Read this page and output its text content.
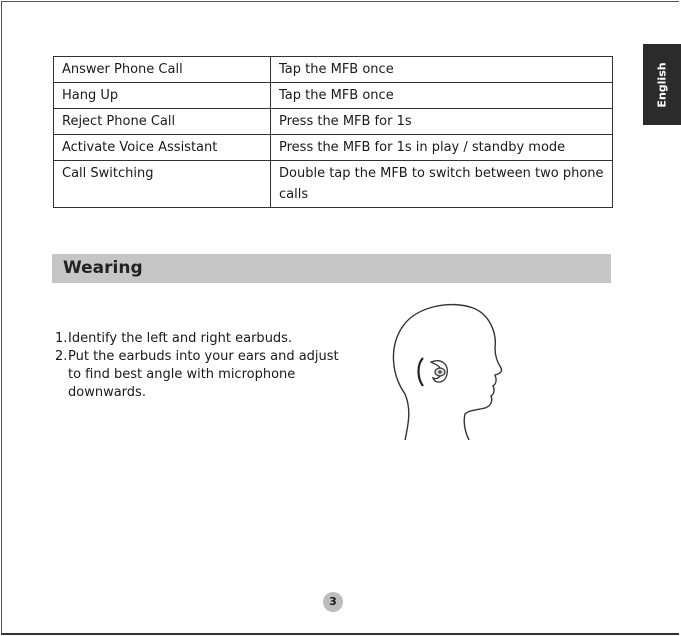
English
Answer Phone Call	Tap the MFB once
Hang Up	Tap the MFB once
Reject Phone Call	Press the MFB for 1s
Activate Voice Assistant	Press the MFB for 1s in play / standby mode
Call Switching	Double tap the MFB to switch between two phone calls
Wearing
1. Identify the left and right earbuds.
2. Put the earbuds into your ears and adjust to find best angle with microphone downwards.
3
